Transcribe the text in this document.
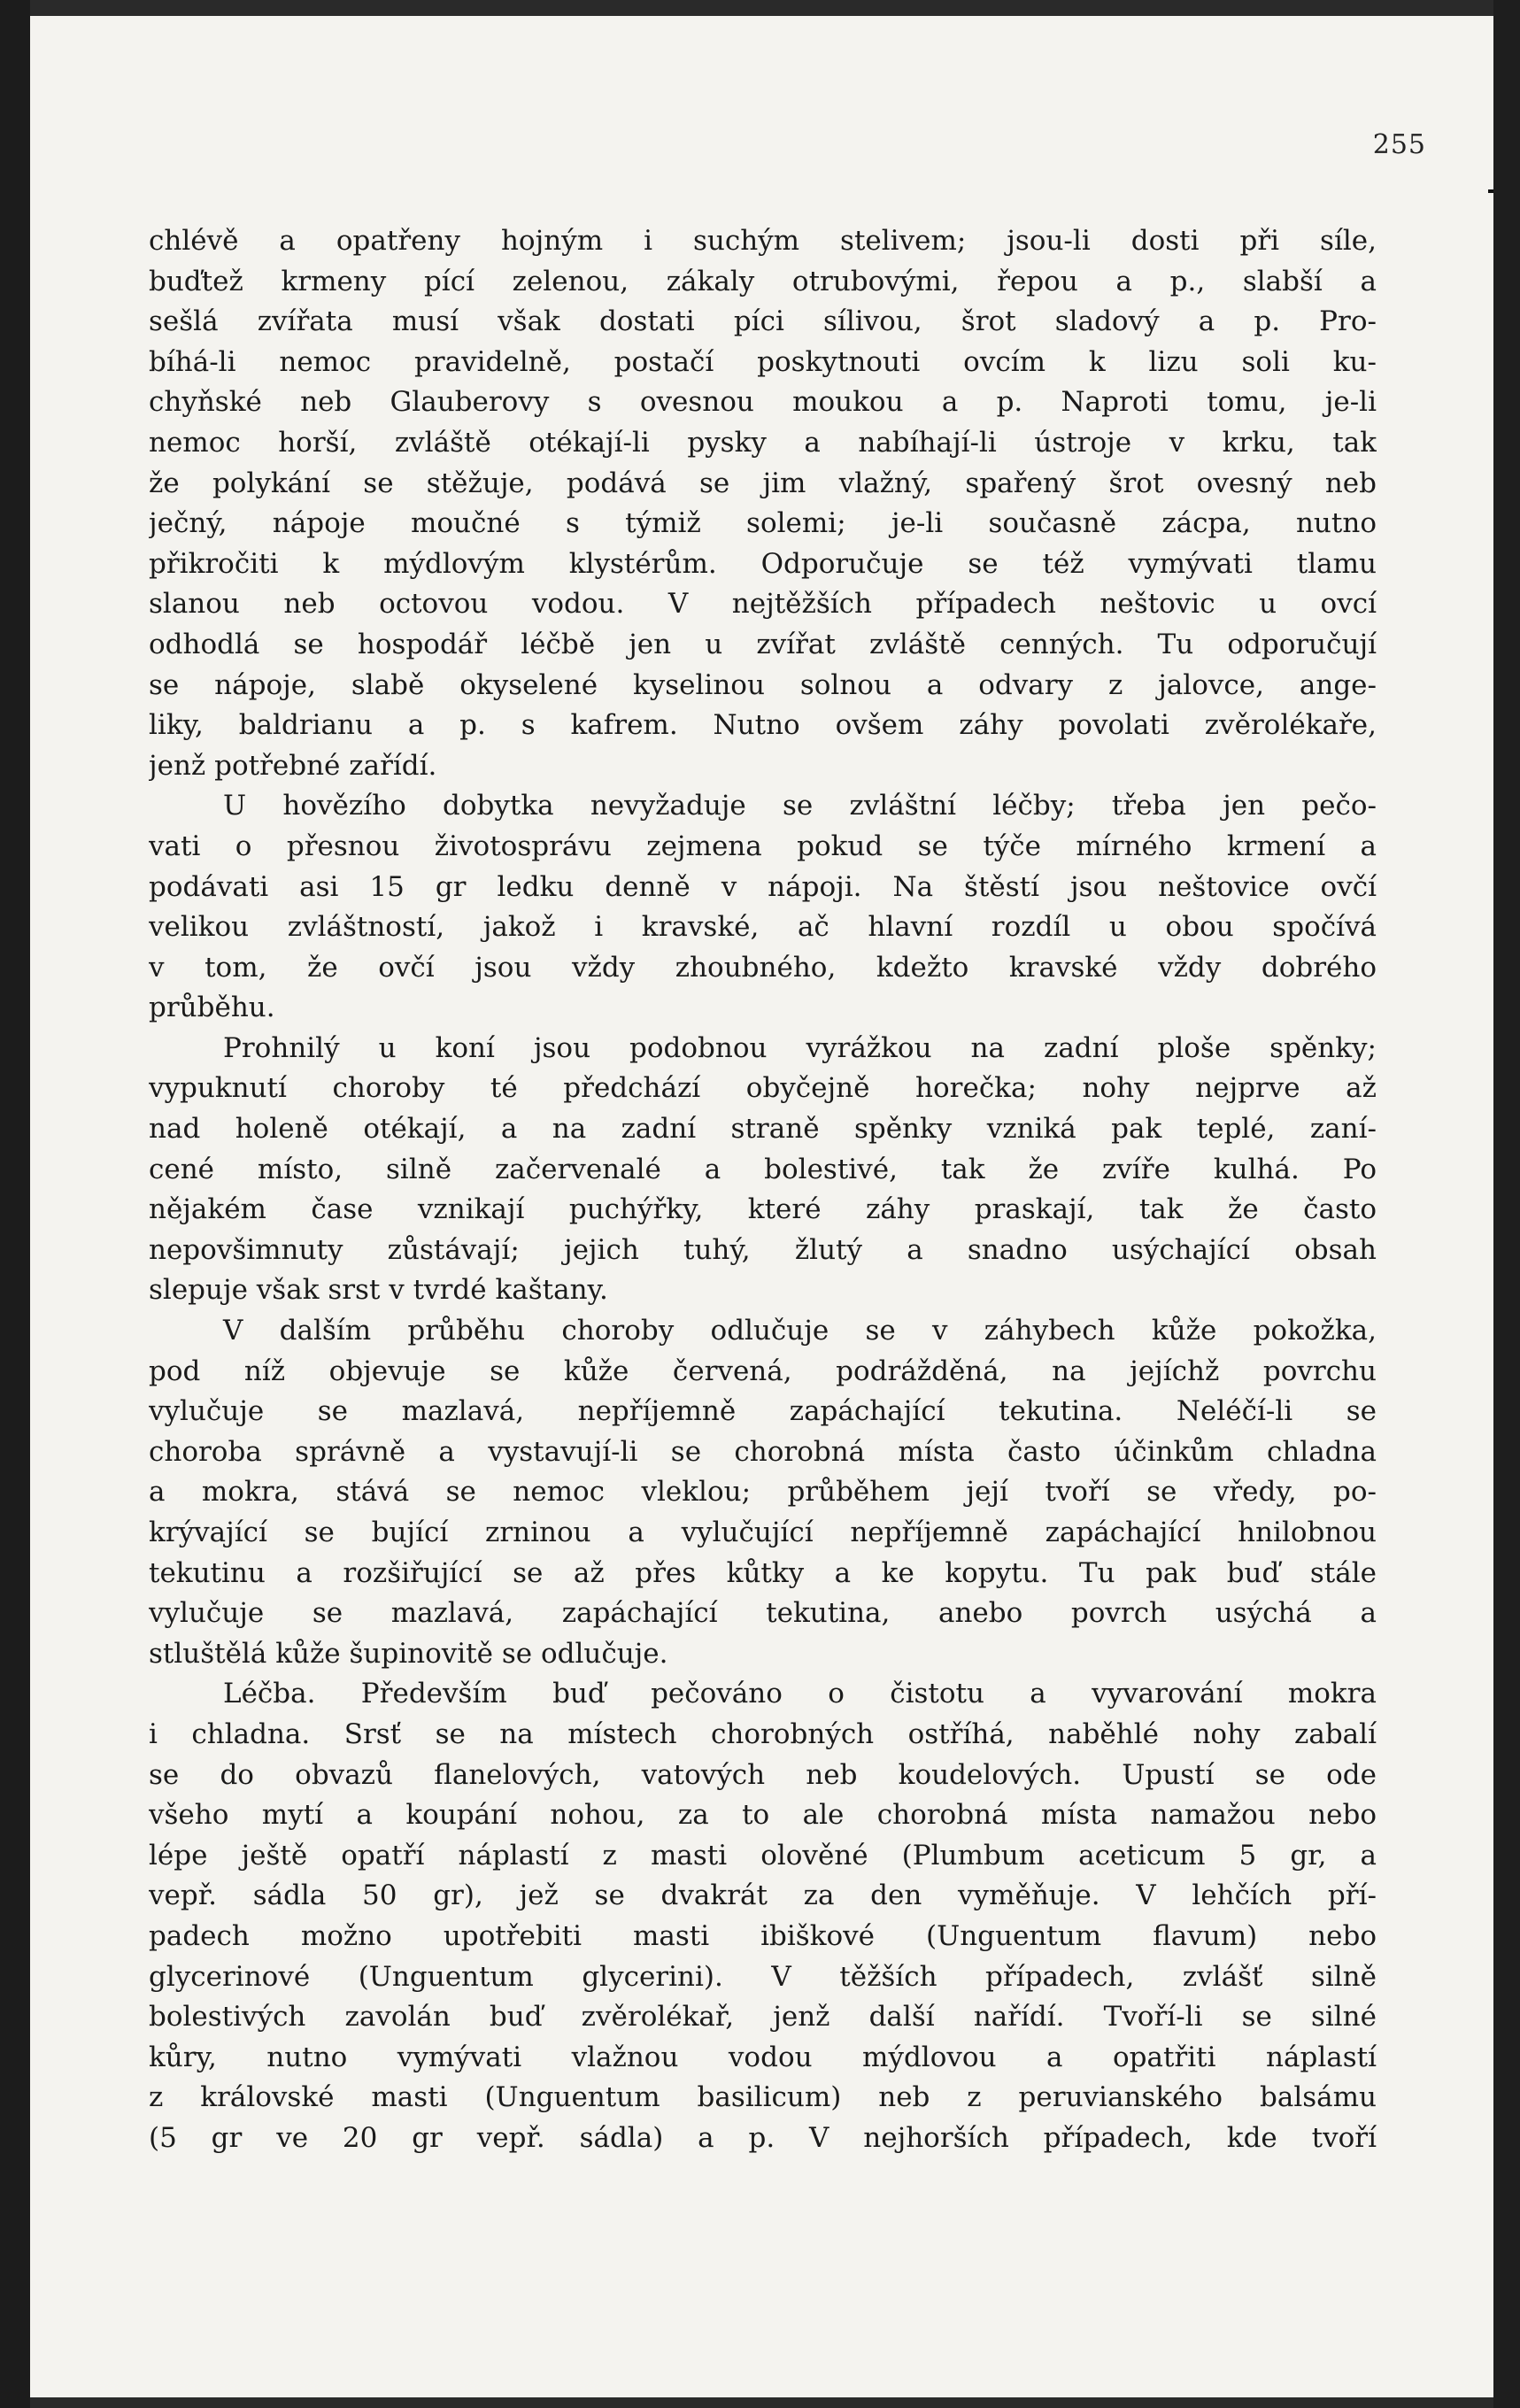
255
chlévě a opatřeny hojným i suchým stelivem; jsou-li dosti při síle,
buďtež krmeny pící zelenou, zákaly otrubovými, řepou a p., slabší a
sešlá zvířata musí však dostati píci sílivou, šrot sladový a p. Pro-
bíhá-li nemoc pravidelně, postačí poskytnouti ovcím k lizu soli ku-
chyňské neb Glauberovy s ovesnou moukou a p. Naproti tomu, je-li
nemoc horší, zvláště otékají-li pysky a nabíhají-li ústroje v krku, tak
že polykání se stěžuje, podává se jim vlažný, spařený šrot ovesný neb
ječný, nápoje moučné s týmiž solemi; je-li současně zácpa, nutno
přikročiti k mýdlovým klystérům. Odporučuje se též vymývati tlamu
slanou neb octovou vodou. V nejtěžších případech neštovic u ovcí
odhodlá se hospodář léčbě jen u zvířat zvláště cenných. Tu odporučují
se nápoje, slabě okyselené kyselinou solnou a odvary z jalovce, ange-
liky, baldrianu a p. s kafrem. Nutno ovšem záhy povolati zvěrolékaře,
jenž potřebné zařídí.
U hovězího dobytka nevyžaduje se zvláštní léčby; třeba jen pečo-
vati o přesnou životosprávu zejmena pokud se týče mírného krmení a
podávati asi 15 gr ledku denně v nápoji. Na štěstí jsou neštovice ovčí
velikou zvláštností, jakož i kravské, ač hlavní rozdíl u obou spočívá
v tom, že ovčí jsou vždy zhoubného, kdežto kravské vždy dobrého
průběhu.
Prohnilý u koní jsou podobnou vyrážkou na zadní ploše spěnky;
vypuknutí choroby té předchází obyčejně horečka; nohy nejprve až
nad holeně otékají, a na zadní straně spěnky vzniká pak teplé, zaní-
cené místo, silně začervenalé a bolestivé, tak že zvíře kulhá. Po
nějakém čase vznikají puchýřky, které záhy praskají, tak že často
nepovšimnuty zůstávají; jejich tuhý, žlutý a snadno usýchající obsah
slepuje však srst v tvrdé kaštany.
V dalším průběhu choroby odlučuje se v záhybech kůže pokožka,
pod níž objevuje se kůže červená, podrážděná, na jejíchž povrchu
vylučuje se mazlavá, nepříjemně zapáchající tekutina. Neléčí-li se
choroba správně a vystavují-li se chorobná místa často účinkům chladna
a mokra, stává se nemoc vleklou; průběhem její tvoří se vředy, po-
krývající se bující zrninou a vylučující nepříjemně zapáchající hnilobnou
tekutinu a rozšiřující se až přes kůtky a ke kopytu. Tu pak buď stále
vylučuje se mazlavá, zapáchající tekutina, anebo povrch usýchá a
stluštělá kůže šupinovitě se odlučuje.
Léčba. Především buď pečováno o čistotu a vyvarování mokra
i chladna. Srsť se na místech chorobných ostříhá, naběhlé nohy zabalí
se do obvazů flanelových, vatových neb koudelových. Upustí se ode
všeho mytí a koupání nohou, za to ale chorobná místa namažou nebo
lépe ještě opatří náplastí z masti olověné (Plumbum aceticum 5 gr, a
vepř. sádla 50 gr), jež se dvakrát za den vyměňuje. V lehčích pří-
padech možno upotřebiti masti ibiškové (Unguentum flavum) nebo
glycerinové (Unguentum glycerini). V těžších případech, zvlášť silně
bolestivých zavolán buď zvěrolékař, jenž další nařídí. Tvoří-li se silné
kůry, nutno vymývati vlažnou vodou mýdlovou a opatřiti náplastí
z královské masti (Unguentum basilicum) neb z peruvianského balsámu
(5 gr ve 20 gr vepř. sádla) a p. V nejhorších případech, kde tvoří
